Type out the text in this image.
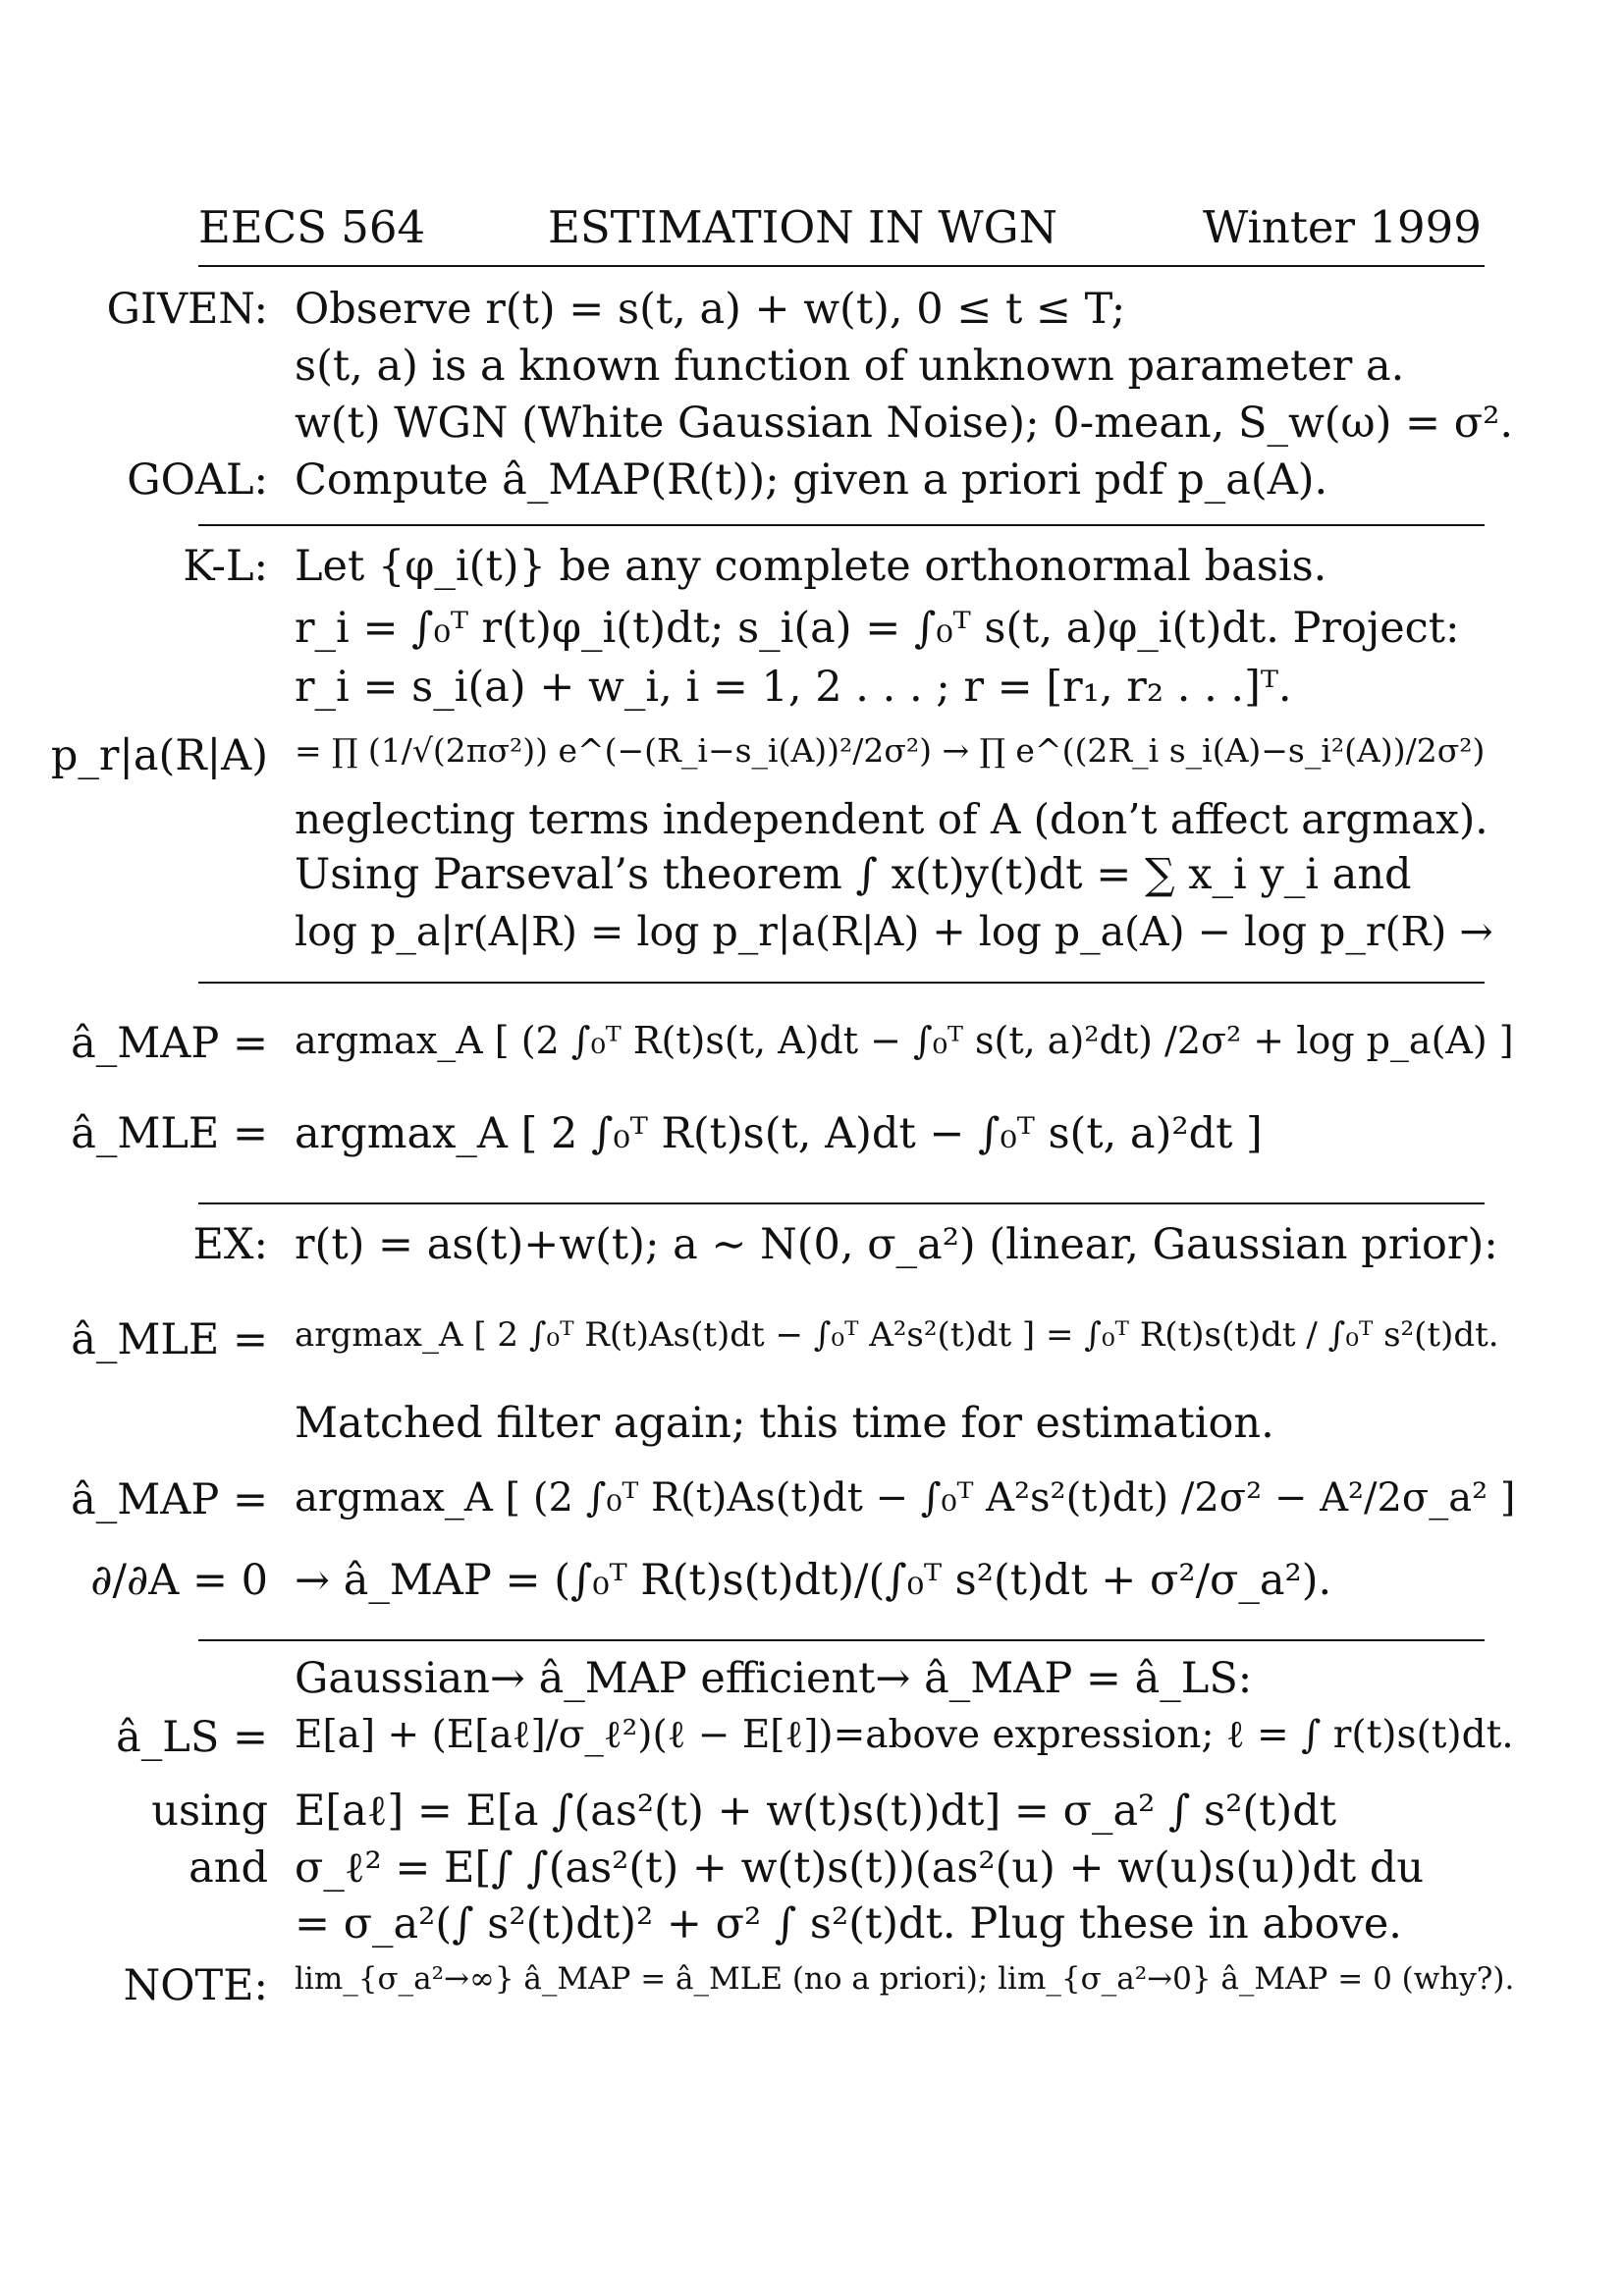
EECS 564	ESTIMATION IN WGN	Winter 1999
GIVEN: Observe r(t) = s(t, a) + w(t), 0 ≤ t ≤ T;
s(t, a) is a known function of unknown parameter a.
w(t) WGN (White Gaussian Noise); 0-mean, S_w(ω) = σ².
GOAL: Compute â_MAP(R(t)); given a priori pdf p_a(A).
K-L: Let {φ_i(t)} be any complete orthonormal basis.
r_i = ∫₀ᵀ r(t)φ_i(t)dt; s_i(a) = ∫₀ᵀ s(t, a)φ_i(t)dt. Project:
r_i = s_i(a) + w_i, i = 1, 2 . . . ; r = [r₁, r₂ . . .]ᵀ.
p_r|a(R|A) = ∏ (1/√(2πσ²)) e^(−(R_i−s_i(A))²/2σ²) → ∏ e^((2R_i s_i(A)−s_i²(A))/2σ²)
neglecting terms independent of A (don’t affect argmax).
Using Parseval’s theorem ∫ x(t)y(t)dt = ∑ x_i y_i and
log p_a|r(A|R) = log p_r|a(R|A) + log p_a(A) − log p_r(R) →
â_MAP = argmax_A [ (2 ∫₀ᵀ R(t)s(t, A)dt − ∫₀ᵀ s(t, a)²dt) /2σ² + log p_a(A) ]
â_MLE = argmax_A [ 2 ∫₀ᵀ R(t)s(t, A)dt − ∫₀ᵀ s(t, a)²dt ]
EX: r(t) = as(t)+w(t); a ∼ N(0, σ_a²) (linear, Gaussian prior):
â_MLE = argmax_A [ 2 ∫₀ᵀ R(t)As(t)dt − ∫₀ᵀ A²s²(t)dt ] = ∫₀ᵀ R(t)s(t)dt / ∫₀ᵀ s²(t)dt.
Matched filter again; this time for estimation.
â_MAP = argmax_A [ (2 ∫₀ᵀ R(t)As(t)dt − ∫₀ᵀ A²s²(t)dt) /2σ² − A²/2σ_a² ]
∂/∂A = 0 → â_MAP = (∫₀ᵀ R(t)s(t)dt)/(∫₀ᵀ s²(t)dt + σ²/σ_a²).
Gaussian→ â_MAP efficient→ â_MAP = â_LS:
â_LS = E[a] + (E[aℓ]/σ_ℓ²)(ℓ − E[ℓ])=above expression; ℓ = ∫ r(t)s(t)dt.
using E[aℓ] = E[a ∫(as²(t) + w(t)s(t))dt] = σ_a² ∫ s²(t)dt
and σ_ℓ² = E[∫ ∫(as²(t) + w(t)s(t))(as²(u) + w(u)s(u))dt du
= σ_a²(∫ s²(t)dt)² + σ² ∫ s²(t)dt. Plug these in above.
NOTE: lim_{σ_a²→∞} â_MAP = â_MLE (no a priori); lim_{σ_a²→0} â_MAP = 0 (why?).
